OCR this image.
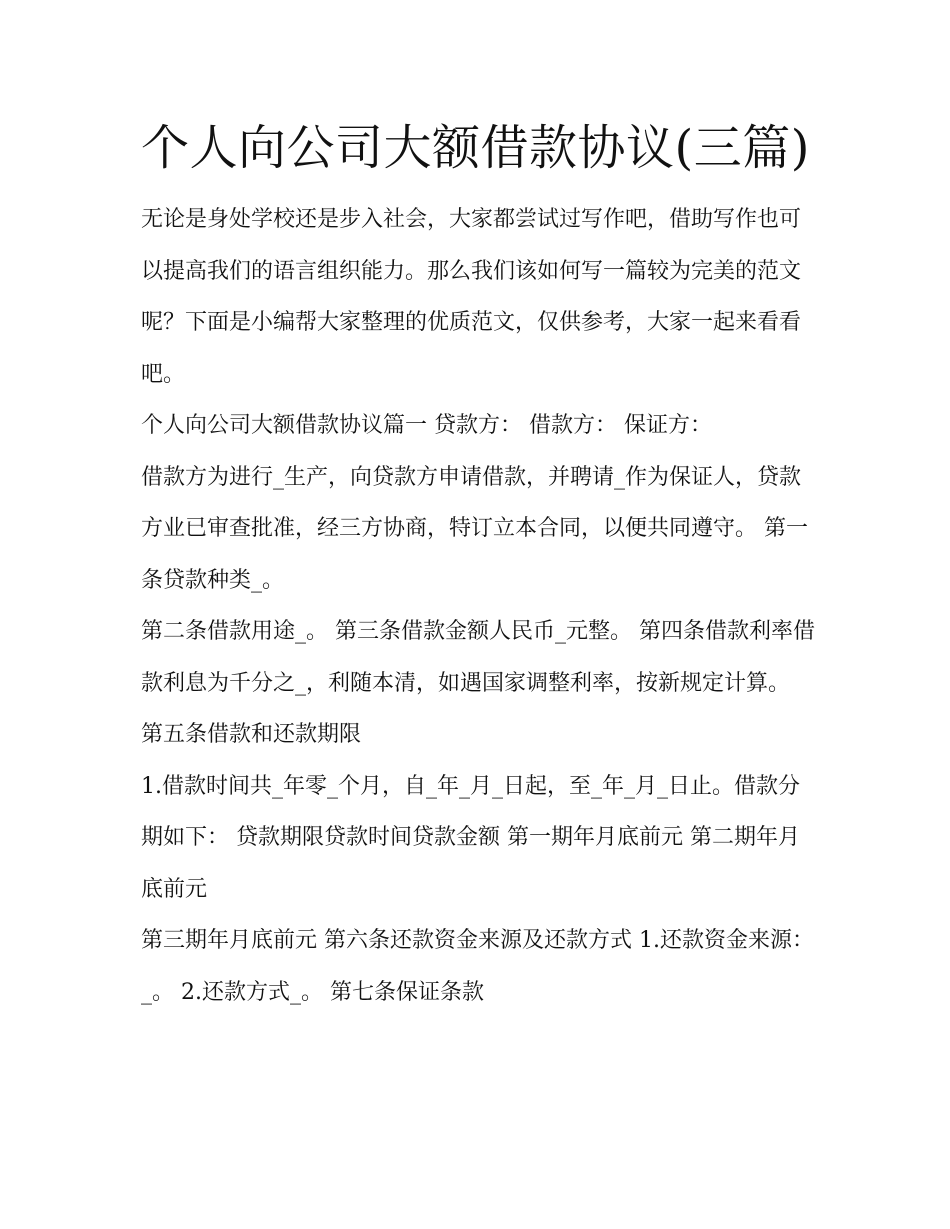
个人向公司大额借款协议(三篇)

无论是身处学校还是步入社会，大家都尝试过写作吧，借助写作也可以提高我们的语言组织能力。那么我们该如何写一篇较为完美的范文呢？下面是小编帮大家整理的优质范文，仅供参考，大家一起来看看吧。

个人向公司大额借款协议篇一 贷款方： 借款方： 保证方：

借款方为进行_生产，向贷款方申请借款，并聘请_作为保证人，贷款方业已审查批准，经三方协商，特订立本合同，以便共同遵守。 第一条贷款种类_。

第二条借款用途_。 第三条借款金额人民币_元整。 第四条借款利率借款利息为千分之_，利随本清，如遇国家调整利率，按新规定计算。 第五条借款和还款期限

1.借款时间共_年零_个月，自_年_月_日起，至_年_月_日止。借款分期如下： 贷款期限贷款时间贷款金额 第一期年月底前元 第二期年月底前元

第三期年月底前元 第六条还款资金来源及还款方式 1.还款资金来源：_。 2.还款方式_。 第七条保证条款
